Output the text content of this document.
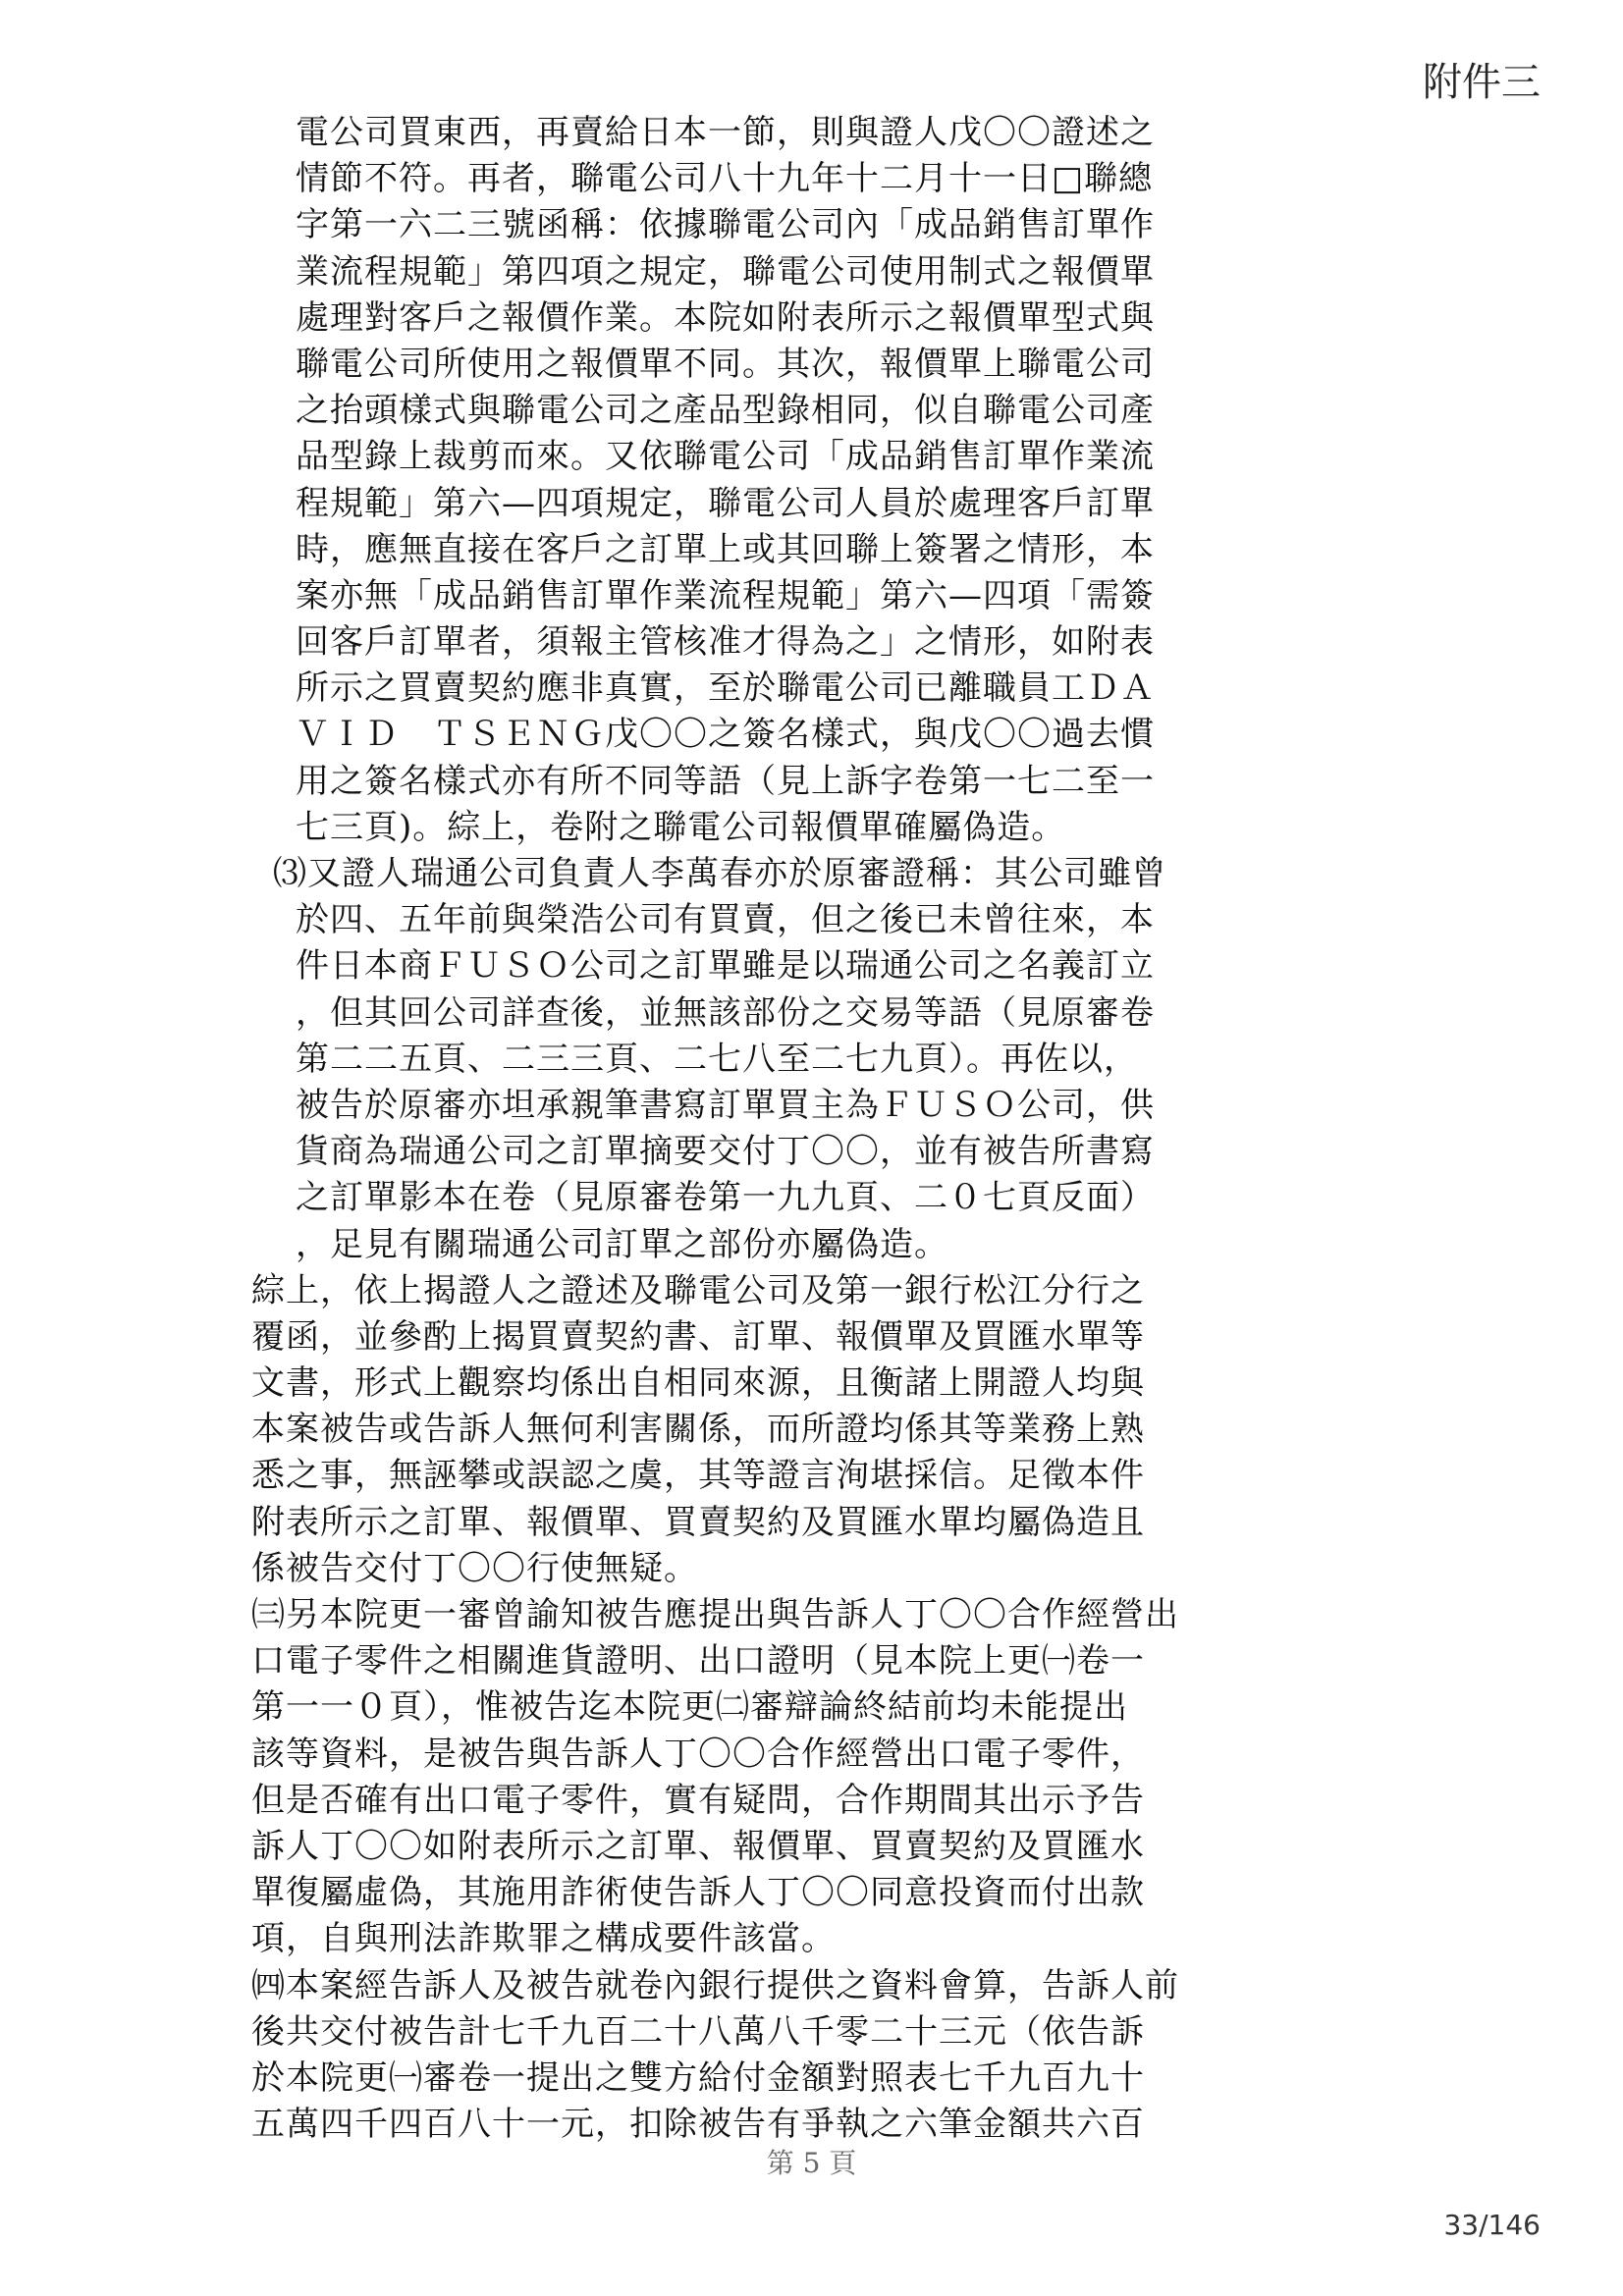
附件三
電公司買東西，再賣給日本一節，則與證人戊〇〇證述之
情節不符。再者，聯電公司八十九年十二月十一日□聯總
字第一六二三號函稱：依據聯電公司內「成品銷售訂單作
業流程規範」第四項之規定，聯電公司使用制式之報價單
處理對客戶之報價作業。本院如附表所示之報價單型式與
聯電公司所使用之報價單不同。其次，報價單上聯電公司
之抬頭樣式與聯電公司之產品型錄相同，似自聯電公司產
品型錄上裁剪而來。又依聯電公司「成品銷售訂單作業流
程規範」第六—四項規定，聯電公司人員於處理客戶訂單
時，應無直接在客戶之訂單上或其回聯上簽署之情形，本
案亦無「成品銷售訂單作業流程規範」第六—四項「需簽
回客戶訂單者，須報主管核准才得為之」之情形，如附表
所示之買賣契約應非真實，至於聯電公司已離職員工ＤＡ
ＶＩＤ　ＴＳＥＮＧ戊〇〇之簽名樣式，與戊〇〇過去慣
用之簽名樣式亦有所不同等語（見上訴字卷第一七二至一
七三頁)。綜上，卷附之聯電公司報價單確屬偽造。
⑶又證人瑞通公司負責人李萬春亦於原審證稱：其公司雖曾
於四、五年前與榮浩公司有買賣，但之後已未曾往來，本
件日本商ＦＵＳＯ公司之訂單雖是以瑞通公司之名義訂立
，但其回公司詳查後，並無該部份之交易等語（見原審卷
第二二五頁、二三三頁、二七八至二七九頁）。再佐以，
被告於原審亦坦承親筆書寫訂單買主為ＦＵＳＯ公司，供
貨商為瑞通公司之訂單摘要交付丁〇〇，並有被告所書寫
之訂單影本在卷（見原審卷第一九九頁、二０七頁反面）
，足見有關瑞通公司訂單之部份亦屬偽造。
綜上，依上揭證人之證述及聯電公司及第一銀行松江分行之
覆函，並參酌上揭買賣契約書、訂單、報價單及買匯水單等
文書，形式上觀察均係出自相同來源，且衡諸上開證人均與
本案被告或告訴人無何利害關係，而所證均係其等業務上熟
悉之事，無誣攀或誤認之虞，其等證言洵堪採信。足徵本件
附表所示之訂單、報價單、買賣契約及買匯水單均屬偽造且
係被告交付丁〇〇行使無疑。
㈢另本院更一審曾諭知被告應提出與告訴人丁〇〇合作經營出
口電子零件之相關進貨證明、出口證明（見本院上更㈠卷一
第一一０頁），惟被告迄本院更㈡審辯論終結前均未能提出
該等資料，是被告與告訴人丁〇〇合作經營出口電子零件，
但是否確有出口電子零件，實有疑問，合作期間其出示予告
訴人丁〇〇如附表所示之訂單、報價單、買賣契約及買匯水
單復屬虛偽，其施用詐術使告訴人丁〇〇同意投資而付出款
項，自與刑法詐欺罪之構成要件該當。
㈣本案經告訴人及被告就卷內銀行提供之資料會算，告訴人前
後共交付被告計七千九百二十八萬八千零二十三元（依告訴
於本院更㈠審卷一提出之雙方給付金額對照表七千九百九十
五萬四千四百八十一元，扣除被告有爭執之六筆金額共六百
第 5 頁
33/146
